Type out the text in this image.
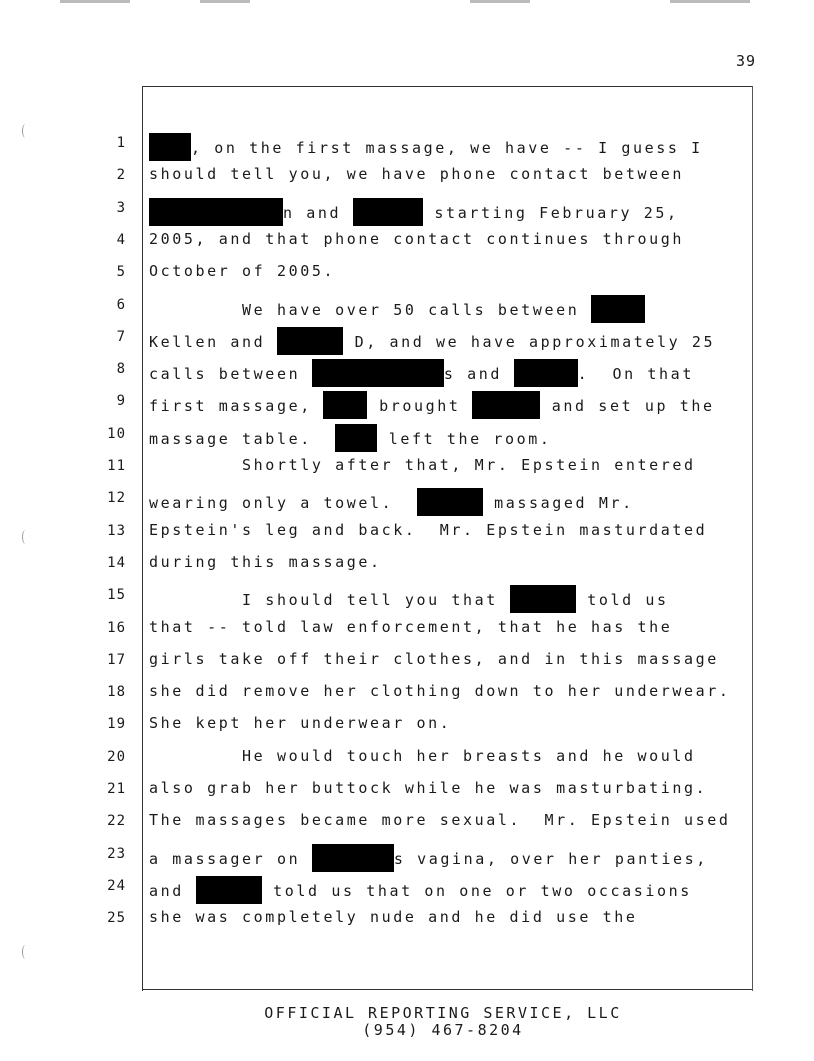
39
1	, on the first massage, we have -- I guess I
2 should tell you, we have phone contact between
3	n and	starting February 25,
4 2005, and that phone contact continues through
5 October of 2005.
6 We have over 50 calls between
7 Kellen and	D, and we have approximately 25
8 calls between	s and	.  On that
9 first massage,	brought	and set up the
10 massage table.	left the room.
11 Shortly after that, Mr. Epstein entered
12 wearing only a towel.	massaged Mr.
13 Epstein's leg and back.  Mr. Epstein masturdated
14 during this massage.
15 I should tell you that	told us
16 that -- told law enforcement, that he has the
17 girls take off their clothes, and in this massage
18 she did remove her clothing down to her underwear.
19 She kept her underwear on.
20 He would touch her breasts and he would
21 also grab her buttock while he was masturbating.
22 The massages became more sexual.  Mr. Epstein used
23 a massager on	s vagina, over her panties,
24 and	told us that on one or two occasions
25 she was completely nude and he did use the
OFFICIAL REPORTING SERVICE, LLC
(954) 467-8204
